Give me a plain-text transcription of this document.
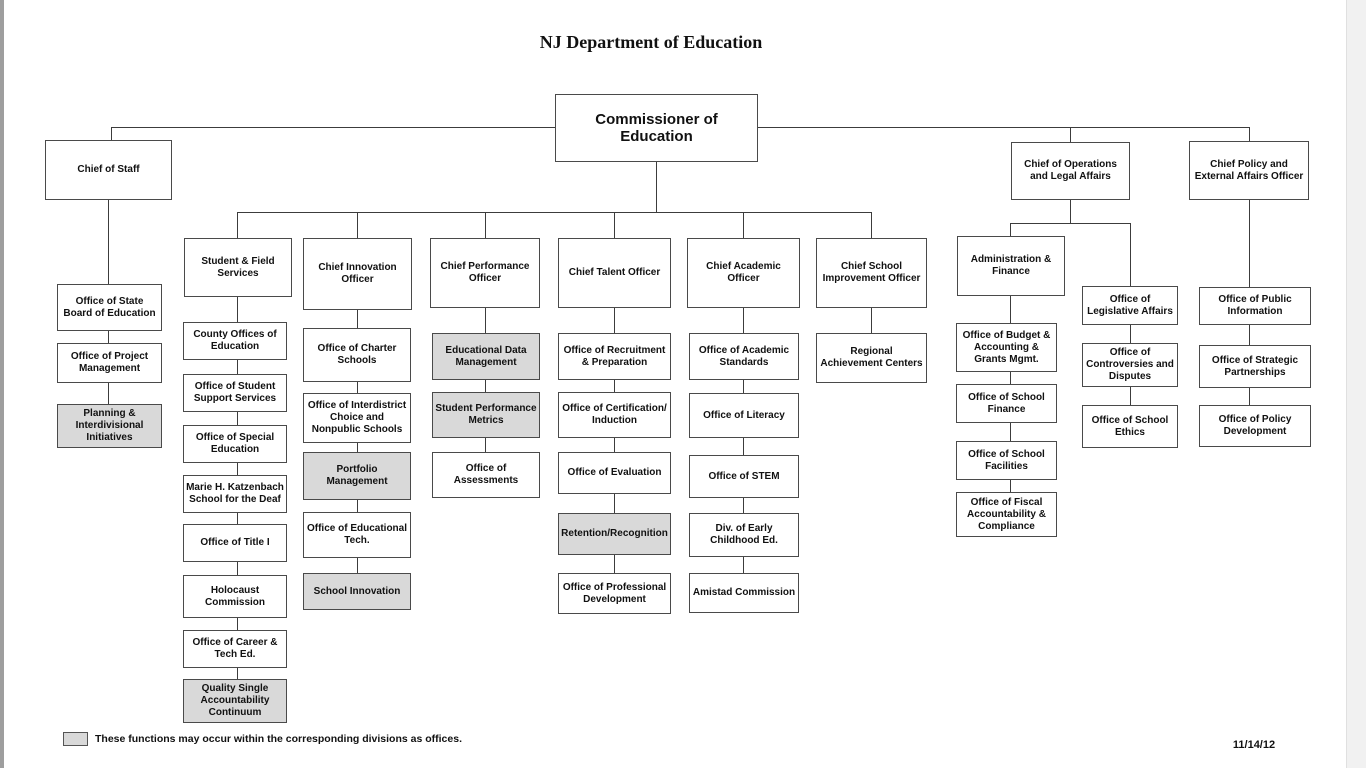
NJ Department of Education
Commissioner of Education
Chief of Staff
Office of State Board of Education
Office of Project Management
Planning & Interdivisional Initiatives
Student & Field Services
County Offices of Education
Office of Student Support Services
Office of Special Education
Marie H. Katzenbach School for the Deaf
Office of Title I
Holocaust Commission
Office of Career & Tech Ed.
Quality Single Accountability Continuum
Chief Innovation Officer
Office of Charter Schools
Office of Interdistrict Choice and Nonpublic Schools
Portfolio Management
Office of Educational Tech.
School Innovation
Chief Performance Officer
Educational Data Management
Student Performance Metrics
Office of Assessments
Chief Talent Officer
Office of Recruitment & Preparation
Office of Certification/​Induction
Office of Evaluation
Retention/Recognition
Office of Professional Development
Chief Academic Officer
Office of Academic Standards
Office of Literacy
Office of STEM
Div. of Early Childhood Ed.
Amistad Commission
Chief School Improvement Officer
Regional Achievement Centers
Chief of Operations and Legal Affairs
Administration & Finance
Office of Budget & Accounting & Grants Mgmt.
Office of School Finance
Office of School Facilities
Office of Fiscal Accountability & Compliance
Office of Legislative Affairs
Office of Controversies and Disputes
Office of School Ethics
Chief Policy and External Affairs Officer
Office of Public Information
Office of Strategic Partnerships
Office of Policy Development
These functions may occur within the corresponding divisions as offices.	11/14/12
